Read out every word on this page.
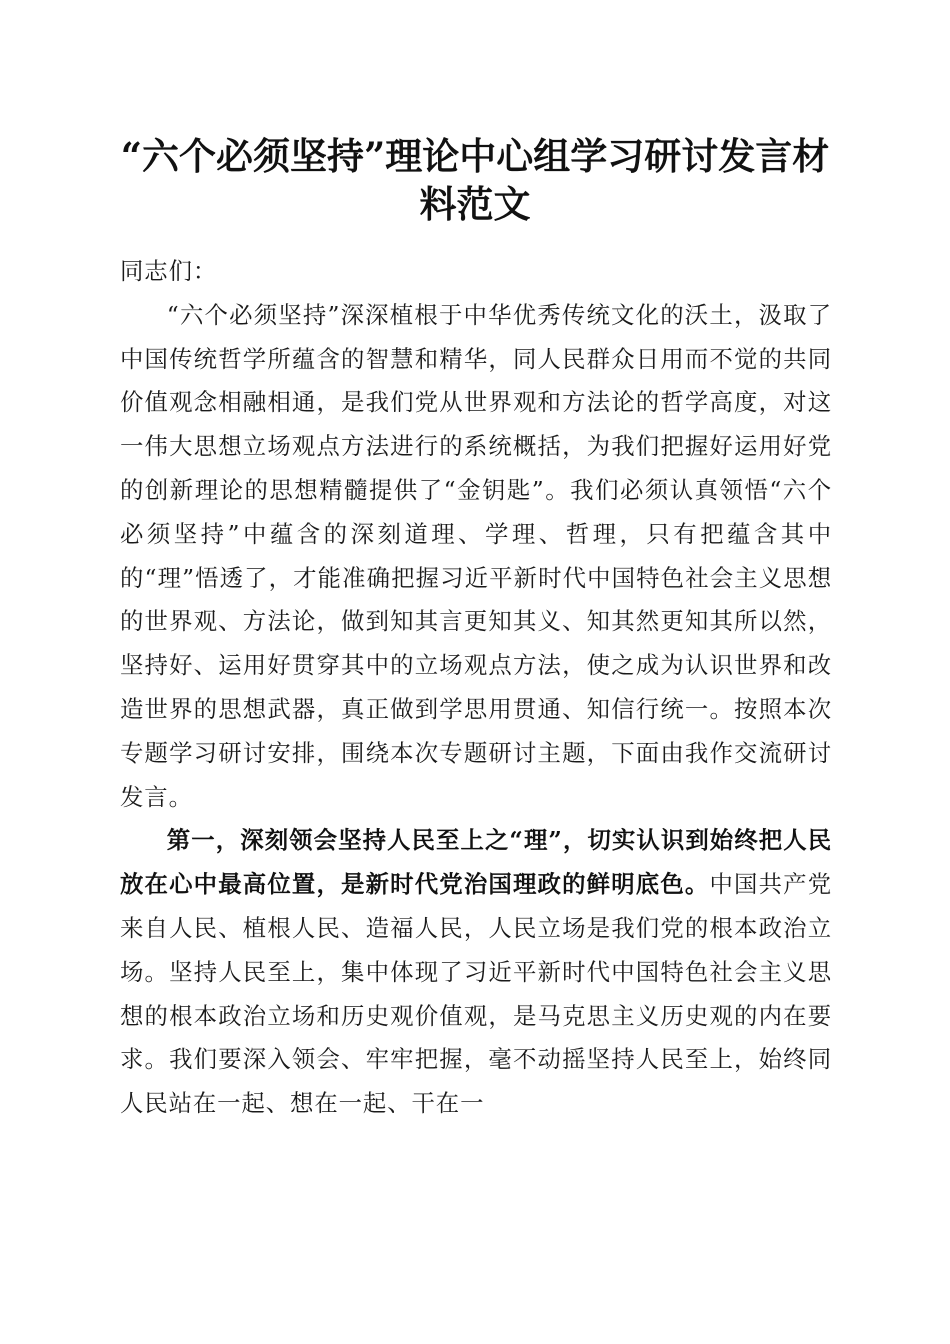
“六个必须坚持”理论中心组学习研讨发言材料范文

同志们：

“六个必须坚持”深深植根于中华优秀传统文化的沃土，汲取了中国传统哲学所蕴含的智慧和精华，同人民群众日用而不觉的共同价值观念相融相通，是我们党从世界观和方法论的哲学高度，对这一伟大思想立场观点方法进行的系统概括，为我们把握好运用好党的创新理论的思想精髓提供了“金钥匙”。我们必须认真领悟“六个必须坚持”中蕴含的深刻道理、学理、哲理，只有把蕴含其中的“理”悟透了，才能准确把握习近平新时代中国特色社会主义思想的世界观、方法论，做到知其言更知其义、知其然更知其所以然，坚持好、运用好贯穿其中的立场观点方法，使之成为认识世界和改造世界的思想武器，真正做到学思用贯通、知信行统一。按照本次专题学习研讨安排，围绕本次专题研讨主题，下面由我作交流研讨发言。

第一，深刻领会坚持人民至上之“理”，切实认识到始终把人民放在心中最高位置，是新时代党治国理政的鲜明底色。中国共产党来自人民、植根人民、造福人民，人民立场是我们党的根本政治立场。坚持人民至上，集中体现了习近平新时代中国特色社会主义思想的根本政治立场和历史观价值观，是马克思主义历史观的内在要求。我们要深入领会、牢牢把握，毫不动摇坚持人民至上，始终同人民站在一起、想在一起、干在一
